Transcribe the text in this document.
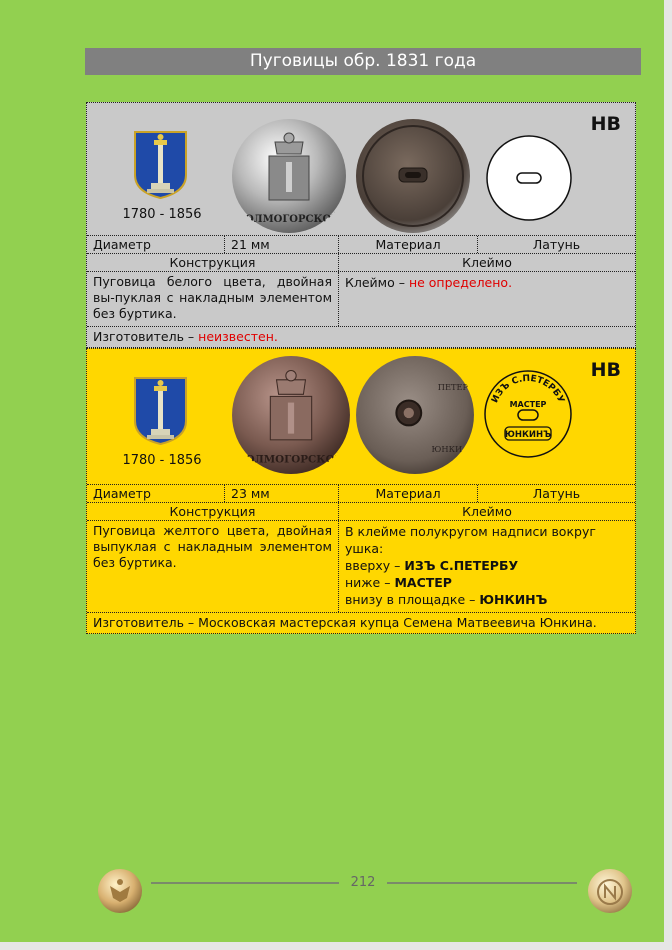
Пуговицы обр. 1831 года
1780 - 1856	ХОЛМОГОРСКОЙ
НВ
Диаметр	21 мм	Материал	Латунь
Конструкция	Клеймо
Пуговица белого цвета, двойная вы-пуклая с накладным элементом без буртика.
Клеймо – не определено.
Изготовитель – неизвестен.
1780 - 1856	ХОЛМОГОРСКОЙ
ПЕТЕР
ЮНКИ
ИЗЪ С.ПЕТЕРБУ
МАСТЕР
ЮНКИНЪ
НВ
Диаметр	23 мм	Материал	Латунь
Конструкция	Клеймо
Пуговица желтого цвета, двойная выпуклая с накладным элементом без буртика.
В клейме полукругом надписи вокруг ушка:
вверху – ИЗЪ С.ПЕТЕРБУ
ниже – МАСТЕР
внизу в площадке – ЮНКИНЪ
Изготовитель – Московская мастерская купца Семена Матвеевича Юнкина.
212
